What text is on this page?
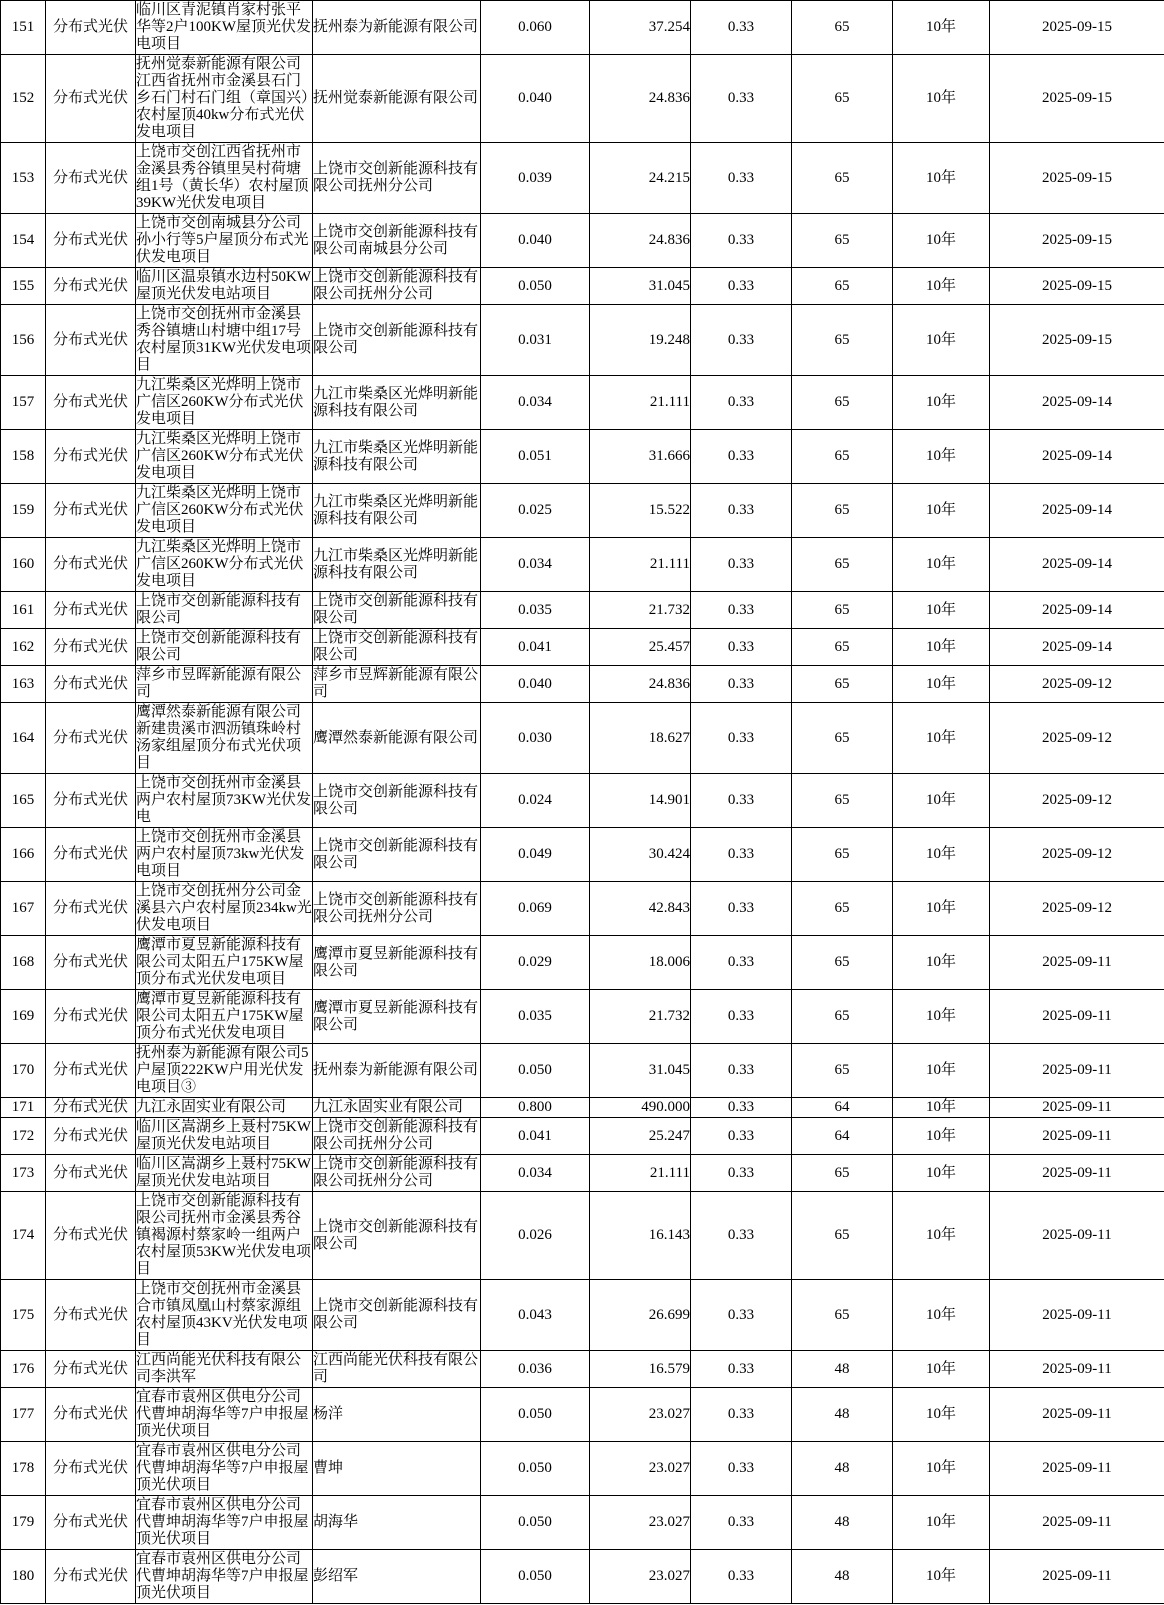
151	分布式光伏	临川区青泥镇肖家村张平华等2户100KW屋顶光伏发电项目	抚州泰为新能源有限公司	0.060	37.254	0.33	65	10年	2025-09-15
152	分布式光伏	抚州觉泰新能源有限公司江西省抚州市金溪县石门乡石门村石门组（章国兴）农村屋顶40kw分布式光伏发电项目	抚州觉泰新能源有限公司	0.040	24.836	0.33	65	10年	2025-09-15
153	分布式光伏	上饶市交创江西省抚州市金溪县秀谷镇里吴村荷塘组1号（黄长华）农村屋顶39KW光伏发电项目	上饶市交创新能源科技有限公司抚州分公司	0.039	24.215	0.33	65	10年	2025-09-15
154	分布式光伏	上饶市交创南城县分公司孙小行等5户屋顶分布式光伏发电项目	上饶市交创新能源科技有限公司南城县分公司	0.040	24.836	0.33	65	10年	2025-09-15
155	分布式光伏	临川区温泉镇水边村50KW屋顶光伏发电站项目	上饶市交创新能源科技有限公司抚州分公司	0.050	31.045	0.33	65	10年	2025-09-15
156	分布式光伏	上饶市交创抚州市金溪县秀谷镇塘山村塘中组17号农村屋顶31KW光伏发电项目	上饶市交创新能源科技有限公司	0.031	19.248	0.33	65	10年	2025-09-15
157	分布式光伏	九江柴桑区光烨明上饶市广信区260KW分布式光伏发电项目	九江市柴桑区光烨明新能源科技有限公司	0.034	21.111	0.33	65	10年	2025-09-14
158	分布式光伏	九江柴桑区光烨明上饶市广信区260KW分布式光伏发电项目	九江市柴桑区光烨明新能源科技有限公司	0.051	31.666	0.33	65	10年	2025-09-14
159	分布式光伏	九江柴桑区光烨明上饶市广信区260KW分布式光伏发电项目	九江市柴桑区光烨明新能源科技有限公司	0.025	15.522	0.33	65	10年	2025-09-14
160	分布式光伏	九江柴桑区光烨明上饶市广信区260KW分布式光伏发电项目	九江市柴桑区光烨明新能源科技有限公司	0.034	21.111	0.33	65	10年	2025-09-14
161	分布式光伏	上饶市交创新能源科技有限公司	上饶市交创新能源科技有限公司	0.035	21.732	0.33	65	10年	2025-09-14
162	分布式光伏	上饶市交创新能源科技有限公司	上饶市交创新能源科技有限公司	0.041	25.457	0.33	65	10年	2025-09-14
163	分布式光伏	萍乡市昱晖新能源有限公司	萍乡市昱辉新能源有限公司	0.040	24.836	0.33	65	10年	2025-09-12
164	分布式光伏	鹰潭然泰新能源有限公司新建贵溪市泗沥镇珠岭村汤家组屋顶分布式光伏项目	鹰潭然泰新能源有限公司	0.030	18.627	0.33	65	10年	2025-09-12
165	分布式光伏	上饶市交创抚州市金溪县两户农村屋顶73KW光伏发电	上饶市交创新能源科技有限公司	0.024	14.901	0.33	65	10年	2025-09-12
166	分布式光伏	上饶市交创抚州市金溪县两户农村屋顶73kw光伏发电项目	上饶市交创新能源科技有限公司	0.049	30.424	0.33	65	10年	2025-09-12
167	分布式光伏	上饶市交创抚州分公司金溪县六户农村屋顶234kw光伏发电项目	上饶市交创新能源科技有限公司抚州分公司	0.069	42.843	0.33	65	10年	2025-09-12
168	分布式光伏	鹰潭市夏昱新能源科技有限公司太阳五户175KW屋顶分布式光伏发电项目	鹰潭市夏昱新能源科技有限公司	0.029	18.006	0.33	65	10年	2025-09-11
169	分布式光伏	鹰潭市夏昱新能源科技有限公司太阳五户175KW屋顶分布式光伏发电项目	鹰潭市夏昱新能源科技有限公司	0.035	21.732	0.33	65	10年	2025-09-11
170	分布式光伏	抚州泰为新能源有限公司5户屋顶222KW户用光伏发电项目③	抚州泰为新能源有限公司	0.050	31.045	0.33	65	10年	2025-09-11
171	分布式光伏	九江永固实业有限公司	九江永固实业有限公司	0.800	490.000	0.33	64	10年	2025-09-11
172	分布式光伏	临川区嵩湖乡上聂村75KW屋顶光伏发电站项目	上饶市交创新能源科技有限公司抚州分公司	0.041	25.247	0.33	64	10年	2025-09-11
173	分布式光伏	临川区嵩湖乡上聂村75KW屋顶光伏发电站项目	上饶市交创新能源科技有限公司抚州分公司	0.034	21.111	0.33	65	10年	2025-09-11
174	分布式光伏	上饶市交创新能源科技有限公司抚州市金溪县秀谷镇褐源村蔡家岭一组两户农村屋顶53KW光伏发电项目	上饶市交创新能源科技有限公司	0.026	16.143	0.33	65	10年	2025-09-11
175	分布式光伏	上饶市交创抚州市金溪县合市镇凤凰山村蔡家源组农村屋顶43KV光伏发电项目	上饶市交创新能源科技有限公司	0.043	26.699	0.33	65	10年	2025-09-11
176	分布式光伏	江西尚能光伏科技有限公司李洪军	江西尚能光伏科技有限公司	0.036	16.579	0.33	48	10年	2025-09-11
177	分布式光伏	宜春市袁州区供电分公司代曹坤胡海华等7户申报屋顶光伏项目	杨洋	0.050	23.027	0.33	48	10年	2025-09-11
178	分布式光伏	宜春市袁州区供电分公司代曹坤胡海华等7户申报屋顶光伏项目	曹坤	0.050	23.027	0.33	48	10年	2025-09-11
179	分布式光伏	宜春市袁州区供电分公司代曹坤胡海华等7户申报屋顶光伏项目	胡海华	0.050	23.027	0.33	48	10年	2025-09-11
180	分布式光伏	宜春市袁州区供电分公司代曹坤胡海华等7户申报屋顶光伏项目	彭绍军	0.050	23.027	0.33	48	10年	2025-09-11
